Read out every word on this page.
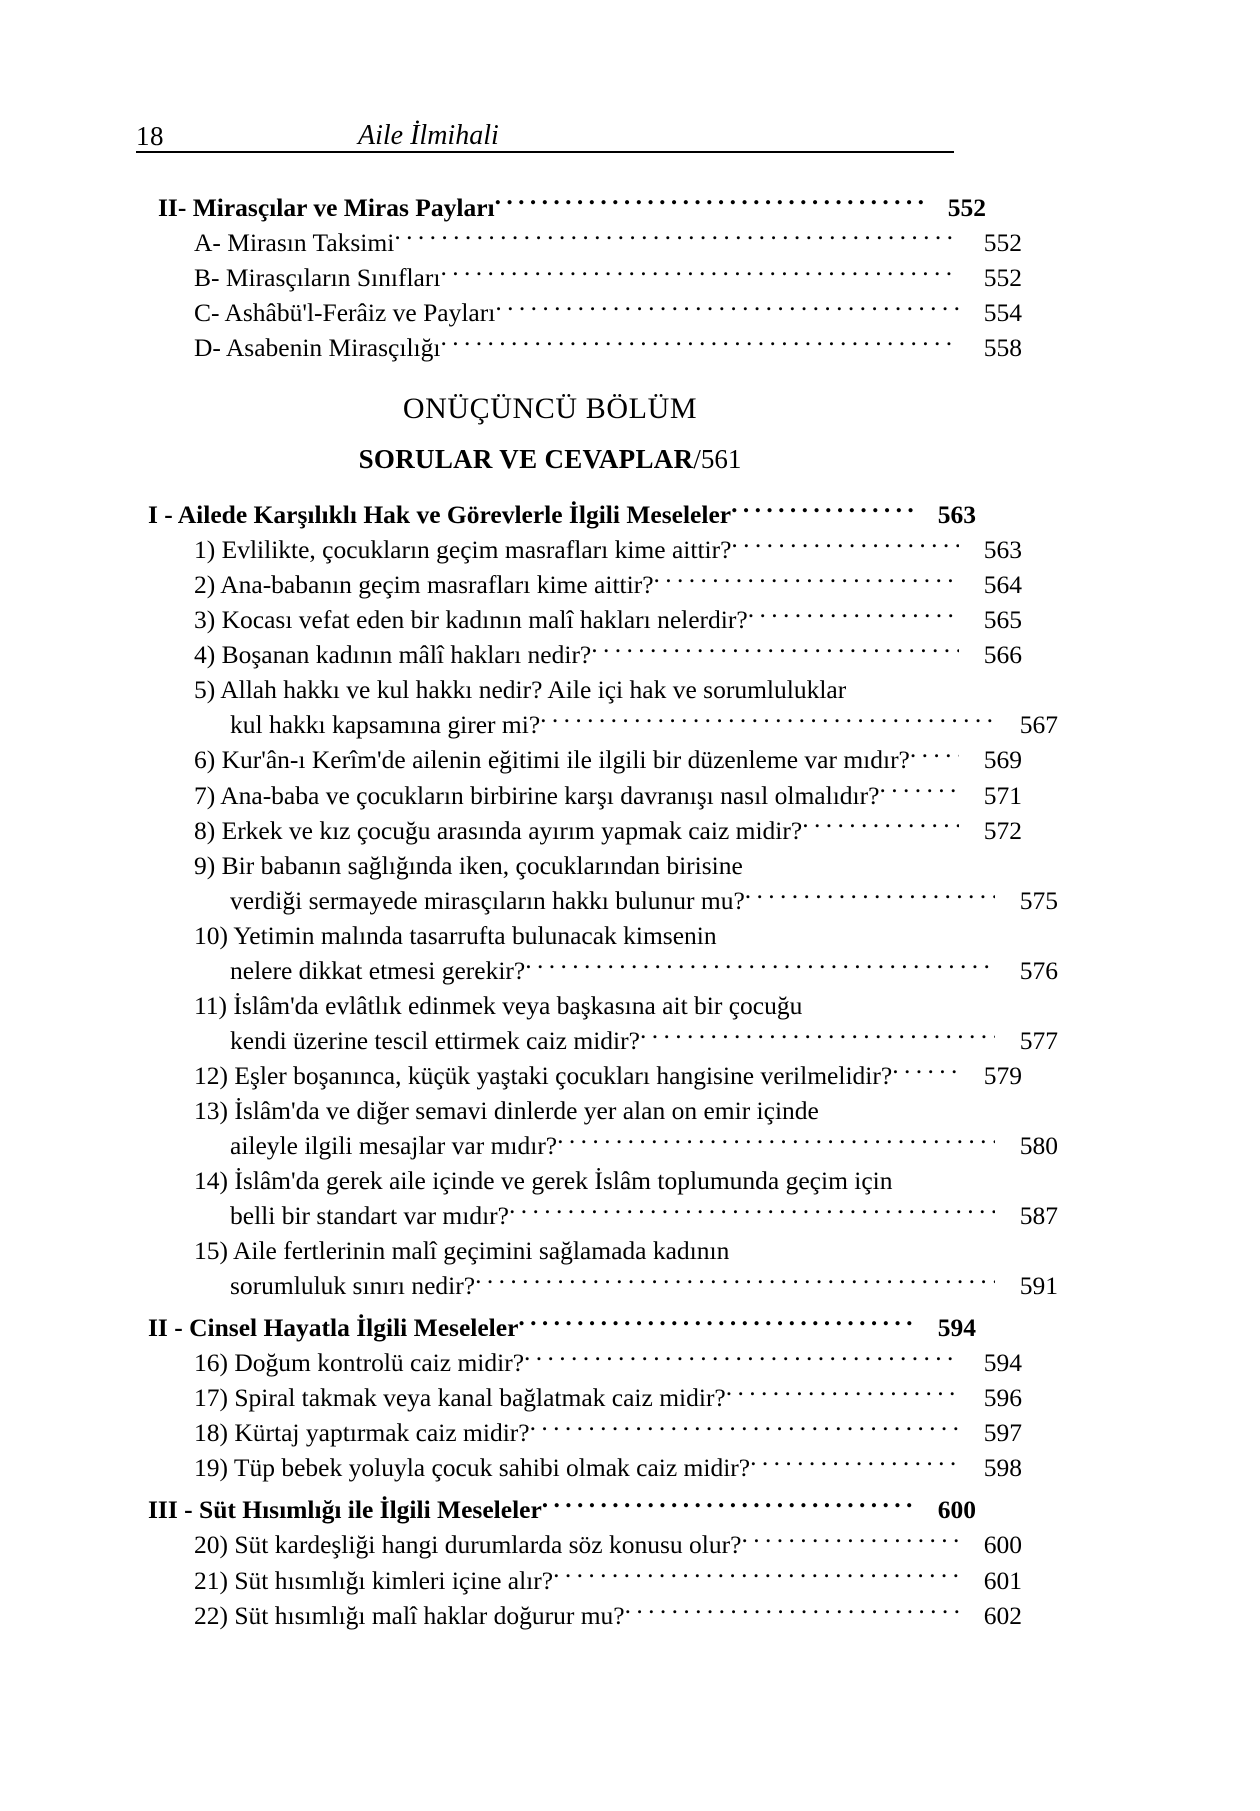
18	Aile İlmihali
II- Mirasçılar ve Miras Payları . . .	552
A- Mirasın Taksimi . . .	552
B- Mirasçıların Sınıfları . . .	552
C- Ashâbü'l-Ferâiz ve Payları . . .	554
D- Asabenin Mirasçılığı . . .	558
ONÜÇÜNCÜ BÖLÜM
SORULAR VE CEVAPLAR/561
I - Ailede Karşılıklı Hak ve Görevlerle İlgili Meseleler . . .	563
1) Evlilikte, çocukların geçim masrafları kime aittir? . . .	563
2) Ana-babanın geçim masrafları kime aittir? . . .	564
3) Kocası vefat eden bir kadının malî hakları nelerdir? . . .	565
4) Boşanan kadının mâlî hakları nedir? . . .	566
5) Allah hakkı ve kul hakkı nedir? Aile içi hak ve sorumluluklar
kul hakkı kapsamına girer mi? . . .	567
6) Kur'ân-ı Kerîm'de ailenin eğitimi ile ilgili bir düzenleme var mıdır? . . .	569
7) Ana-baba ve çocukların birbirine karşı davranışı nasıl olmalıdır? . . .	571
8) Erkek ve kız çocuğu arasında ayırım yapmak caiz midir? . . .	572
9) Bir babanın sağlığında iken, çocuklarından birisine
verdiği sermayede mirasçıların hakkı bulunur mu? . . .	575
10) Yetimin malında tasarrufta bulunacak kimsenin
nelere dikkat etmesi gerekir? . . .	576
11) İslâm'da evlâtlık edinmek veya başkasına ait bir çocuğu
kendi üzerine tescil ettirmek caiz midir? . . .	577
12) Eşler boşanınca, küçük yaştaki çocukları hangisine verilmelidir? . . .	579
13) İslâm'da ve diğer semavi dinlerde yer alan on emir içinde
aileyle ilgili mesajlar var mıdır? . . .	580
14) İslâm'da gerek aile içinde ve gerek İslâm toplumunda geçim için
belli bir standart var mıdır? . . .	587
15) Aile fertlerinin malî geçimini sağlamada kadının
sorumluluk sınırı nedir? . . .	591
II - Cinsel Hayatla İlgili Meseleler . . .	594
16) Doğum kontrolü caiz midir? . . .	594
17) Spiral takmak veya kanal bağlatmak caiz midir? . . .	596
18) Kürtaj yaptırmak caiz midir? . . .	597
19) Tüp bebek yoluyla çocuk sahibi olmak caiz midir? . . .	598
III - Süt Hısımlığı ile İlgili Meseleler . . .	600
20) Süt kardeşliği hangi durumlarda söz konusu olur? . . .	600
21) Süt hısımlığı kimleri içine alır? . . .	601
22) Süt hısımlığı malî haklar doğurur mu? . . .	602
